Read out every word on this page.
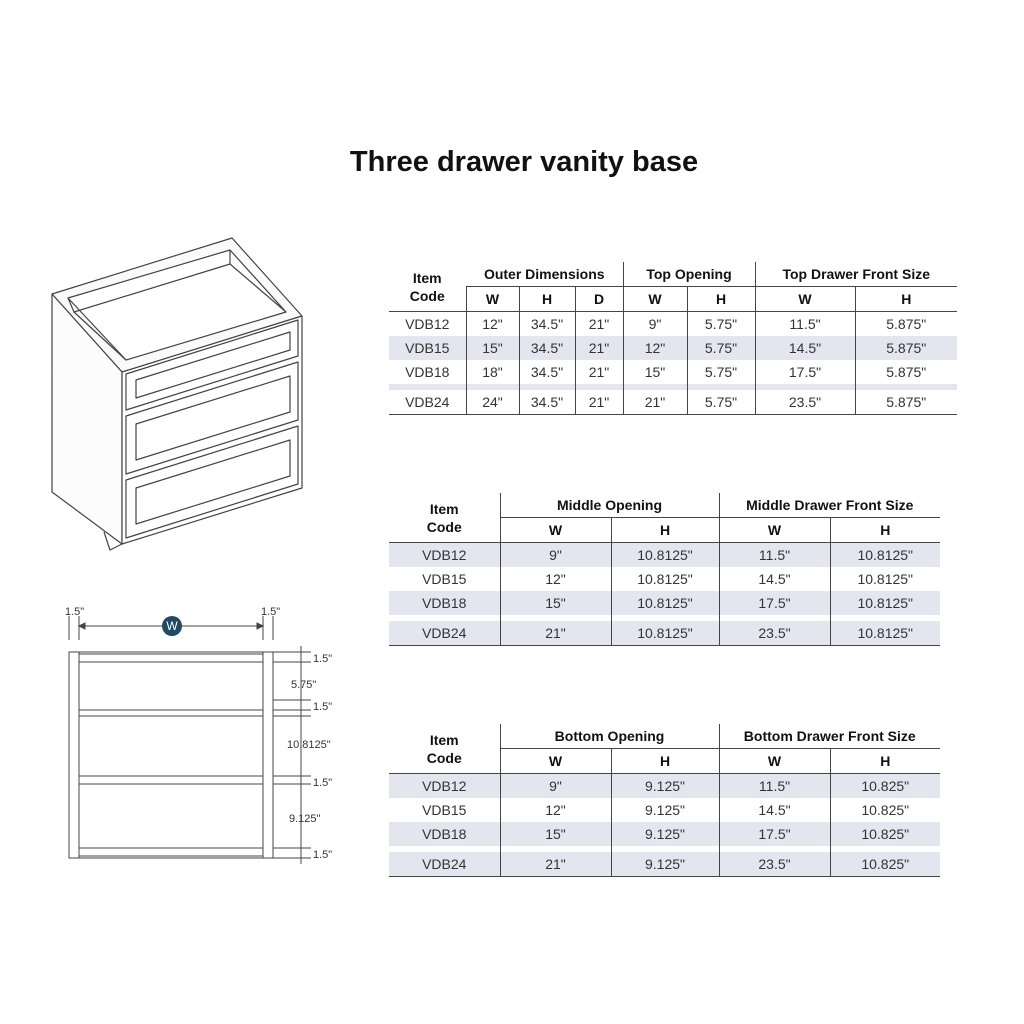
Three drawer vanity base
W
1.5"	1.5"
1.5"
5.75"
1.5"
10.8125"
1.5"
9.125"
1.5"
Item
Code	Outer Dimensions			Top Opening		Top Drawer Front Size	
	W	H	D	W	H	W	H
VDB12	12"	34.5"	21"	9"	5.75"	11.5"	5.875"
VDB15	15"	34.5"	21"	12"	5.75"	14.5"	5.875"
VDB18	18"	34.5"	21"	15"	5.75"	17.5"	5.875"

VDB24	24"	34.5"	21"	21"	5.75"	23.5"	5.875"
Item
Code	Middle Opening		Middle Drawer Front Size	
	W	H	W	H
VDB12	9"	10.8125"	11.5"	10.8125"
VDB15	12"	10.8125"	14.5"	10.8125"
VDB18	15"	10.8125"	17.5"	10.8125"

VDB24	21"	10.8125"	23.5"	10.8125"
Item
Code	Bottom Opening		Bottom Drawer Front Size	
	W	H	W	H
VDB12	9"	9.125"	11.5"	10.825"
VDB15	12"	9.125"	14.5"	10.825"
VDB18	15"	9.125"	17.5"	10.825"

VDB24	21"	9.125"	23.5"	10.825"
